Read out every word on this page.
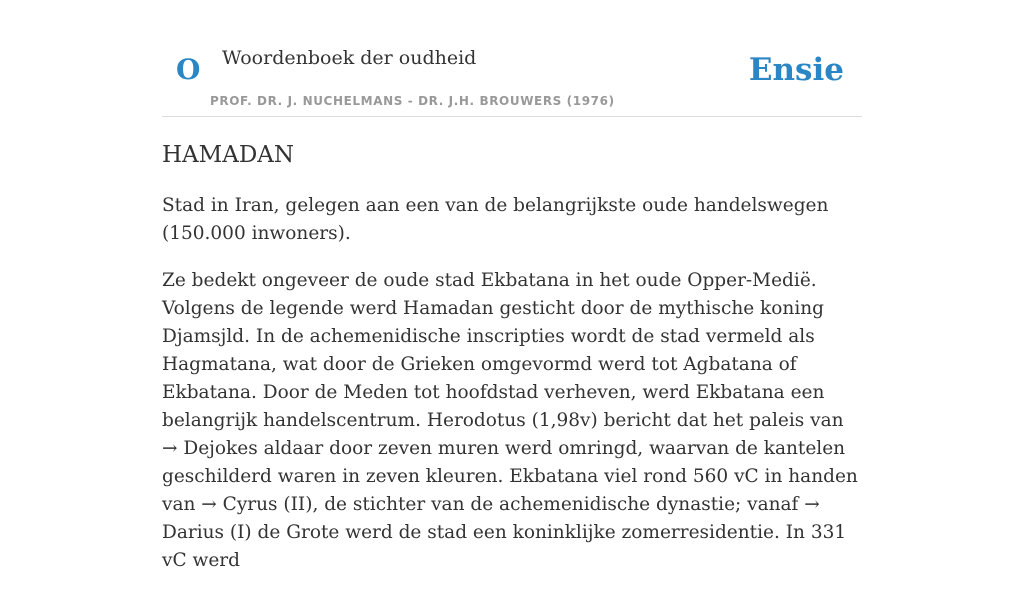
O Woordenboek der oudheid
PROF. DR. J. NUCHELMANS - DR. J.H. BROUWERS (1976)
Ensie
HAMADAN

Stad in Iran, gelegen aan een van de belangrijkste oude handelswegen (150.000 inwoners).

Ze bedekt ongeveer de oude stad Ekbatana in het oude Opper-Medië. Volgens de legende werd Hamadan gesticht door de mythische koning Djamsjld. In de achemenidische inscripties wordt de stad vermeld als Hagmatana, wat door de Grieken omgevormd werd tot Agbatana of Ekbatana. Door de Meden tot hoofdstad verheven, werd Ekbatana een belangrijk handelscentrum. Herodotus (1,98v) bericht dat het paleis van → Dejokes aldaar door zeven muren werd omringd, waarvan de kantelen geschilderd waren in zeven kleuren. Ekbatana viel rond 560 vC in handen van → Cyrus (II), de stichter van de achemenidische dynastie; vanaf → Darius (I) de Grote werd de stad een koninklijke zomerresidentie. In 331 vC werd
